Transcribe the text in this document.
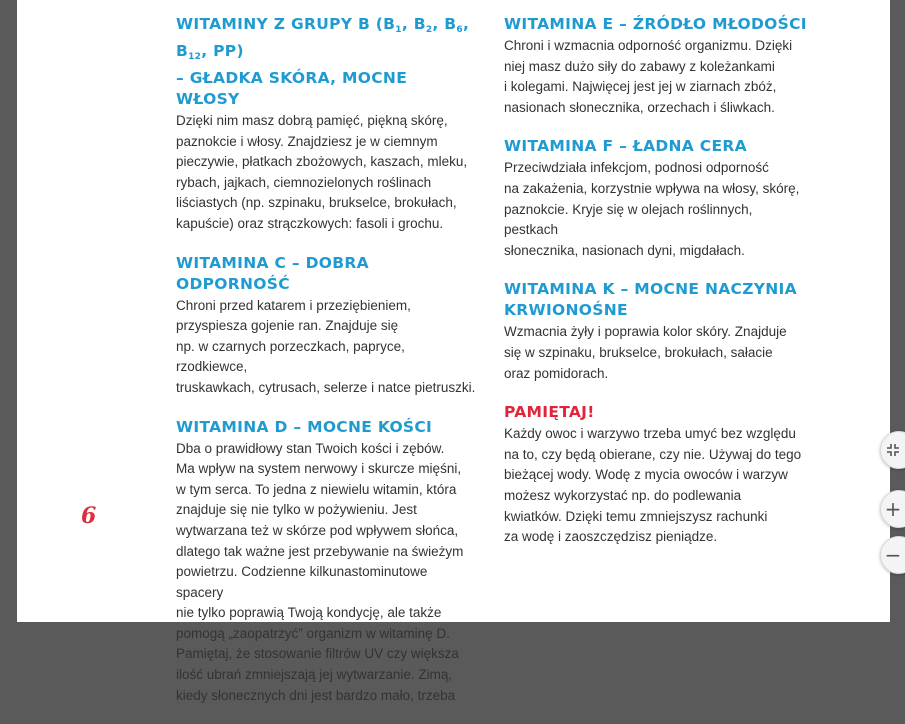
WITAMINY Z GRUPY B ($B_1$, $B_2$, $B_6$, $B_{12}$, PP)
– GŁADKA SKÓRA, MOCNE WŁOSY

Dzięki nim masz dobrą pamięć, piękną skórę,
paznokcie i włosy. Znajdziesz je w ciemnym
pieczywie, płatkach zbożowych, kaszach, mleku,
rybach, jajkach, ciemnozielonych roślinach
liściastych (np. szpinaku, brukselce, brokułach,
kapuście) oraz strączkowych: fasoli i grochu.

WITAMINA C – DOBRA ODPORNOŚĆ

Chroni przed katarem i przeziębieniem,
przyspiesza gojenie ran. Znajduje się
np. w czarnych porzeczkach, papryce, rzodkiewce,
truskawkach, cytrusach, selerze i natce pietruszki.

WITAMINA D – MOCNE KOŚCI

Dba o prawidłowy stan Twoich kości i zębów.
Ma wpływ na system nerwowy i skurcze mięśni,
w tym serca. To jedna z niewielu witamin, która
znajduje się nie tylko w pożywieniu. Jest
wytwarzana też w skórze pod wpływem słońca,
dlatego tak ważne jest przebywanie na świeżym
powietrzu. Codzienne kilkunastominutowe spacery
nie tylko poprawią Twoją kondycję, ale także
pomogą „zaopatrzyć” organizm w witaminę D.
Pamiętaj, że stosowanie filtrów UV czy większa
ilość ubrań zmniejszają jej wytwarzanie. Zimą,
kiedy słonecznych dni jest bardzo mało, trzeba

WITAMINA E – ŹRÓDŁO MŁODOŚCI

Chroni i wzmacnia odporność organizmu. Dzięki
niej masz dużo siły do zabawy z koleżankami
i kolegami. Najwięcej jest jej w ziarnach zbóż,
nasionach słonecznika, orzechach i śliwkach.

WITAMINA F – ŁADNA CERA

Przeciwdziała infekcjom, podnosi odporność
na zakażenia, korzystnie wpływa na włosy, skórę,
paznokcie. Kryje się w olejach roślinnych, pestkach
słonecznika, nasionach dyni, migdałach.

WITAMINA K – MOCNE NACZYNIA
KRWIONOŚNE

Wzmacnia żyły i poprawia kolor skóry. Znajduje
się w szpinaku, brukselce, brokułach, sałacie
oraz pomidorach.

PAMIĘTAJ!

Każdy owoc i warzywo trzeba umyć bez względu
na to, czy będą obierane, czy nie. Używaj do tego
bieżącej wody. Wodę z mycia owoców i warzyw
możesz wykorzystać np. do podlewania
kwiatków. Dzięki temu zmniejszysz rachunki
za wodę i zaoszczędzisz pieniądze.

6	+
−
